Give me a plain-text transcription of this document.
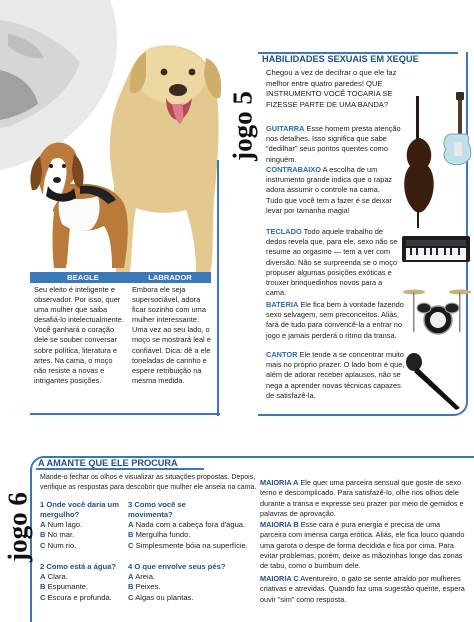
jogo 5
BEAGLE	LABRADOR
Seu eleito é inteligente e observador. Por isso, quer uma mulher que saiba desafiá-lo intelectualmente. Você ganhará o coração dele se souber conversar sobre política, literatura e artes. Na cama, o moço não resiste a novas e intrigantes posições.
Embora ele seja supersociável, adora ficar sozinho com uma mulher interessante. Uma vez ao seu lado, o moço se mostrará leal e confiável. Dica: dê a ele toneladas de carinho e espere retribuição na mesma medida.
HABILIDADES SEXUAIS EM XEQUE
Chegou a vez de decifrar o que ele faz melhor entre quatro paredes! QUE INSTRUMENTO VOCÊ TOCARIA SE FIZESSE PARTE DE UMA BANDA?
GUITARRA Esse homem presta atenção nos detalhes. Isso significa que sabe "dedilhar" seus pontos quentes como ninguém.
CONTRABAIXO A escolha de um instrumento grande indica que o rapaz adora assumir o controle na cama. Tudo que você tem a fazer é se deixar levar por tamanha magia!
TECLADO Todo aquele trabalho de dedos revela que, para ele, sexo não se resume ao orgasmo — tem a ver com diversão. Não se surpreenda se o moço propuser algumas posições exóticas e trouxer brinquedinhos novos para a cama.
BATERIA Ele fica bem à vontade fazendo sexo selvagem, sem preconceitos. Aliás, fará de tudo para convencê-la a entrar no jogo e jamais perderá o ritmo da transa.
CANTOR Ele tende a se concentrar muito mais no próprio prazer. O lado bom é que, além de adorar receber aplausos, não se nega a aprender novas técnicas capazes de satisfazê-la.
jogo 6
A AMANTE QUE ELE PROCURA
Mande-o fechar os olhos e visualizar as situações propostas. Depois, verifique as respostas para descobrir que mulher ele anseia na cama.
1 Onde você daria um mergulho?
A Num lago.
B No mar.
C Num rio.
2 Como está a água?
A Clara.
B Espumante.
C Escura e profunda.
3 Como você se movimenta?
A Nada com a cabeça fora d'água.
B Mergulha fundo.
C Simplesmente bóia na superfície.
4 O que envolve seus pés?
A Areia.
B Peixes.
C Algas ou plantas.
MAIORIA A Ele quer uma parceira sensual que goste de sexo terno e descomplicado. Para satisfazê-lo, olhe nos olhos dele durante a transa e expresse seu prazer por meio de gemidos e palavras de aprovação.
MAIORIA B Esse cara é pura energia e precisa de uma parceira com imensa carga erótica. Aliás, ele fica louco quando uma garota o despe de forma decidida e fica por cima. Para evitar problemas, porém, deixe as mãozinhas longe das zonas de tabu, como o bumbum dele.
MAIORIA C Aventureiro, o gato se sente atraído por mulheres criativas e atrevidas. Quando faz uma sugestão quente, espera ouvir "sim" como resposta.
